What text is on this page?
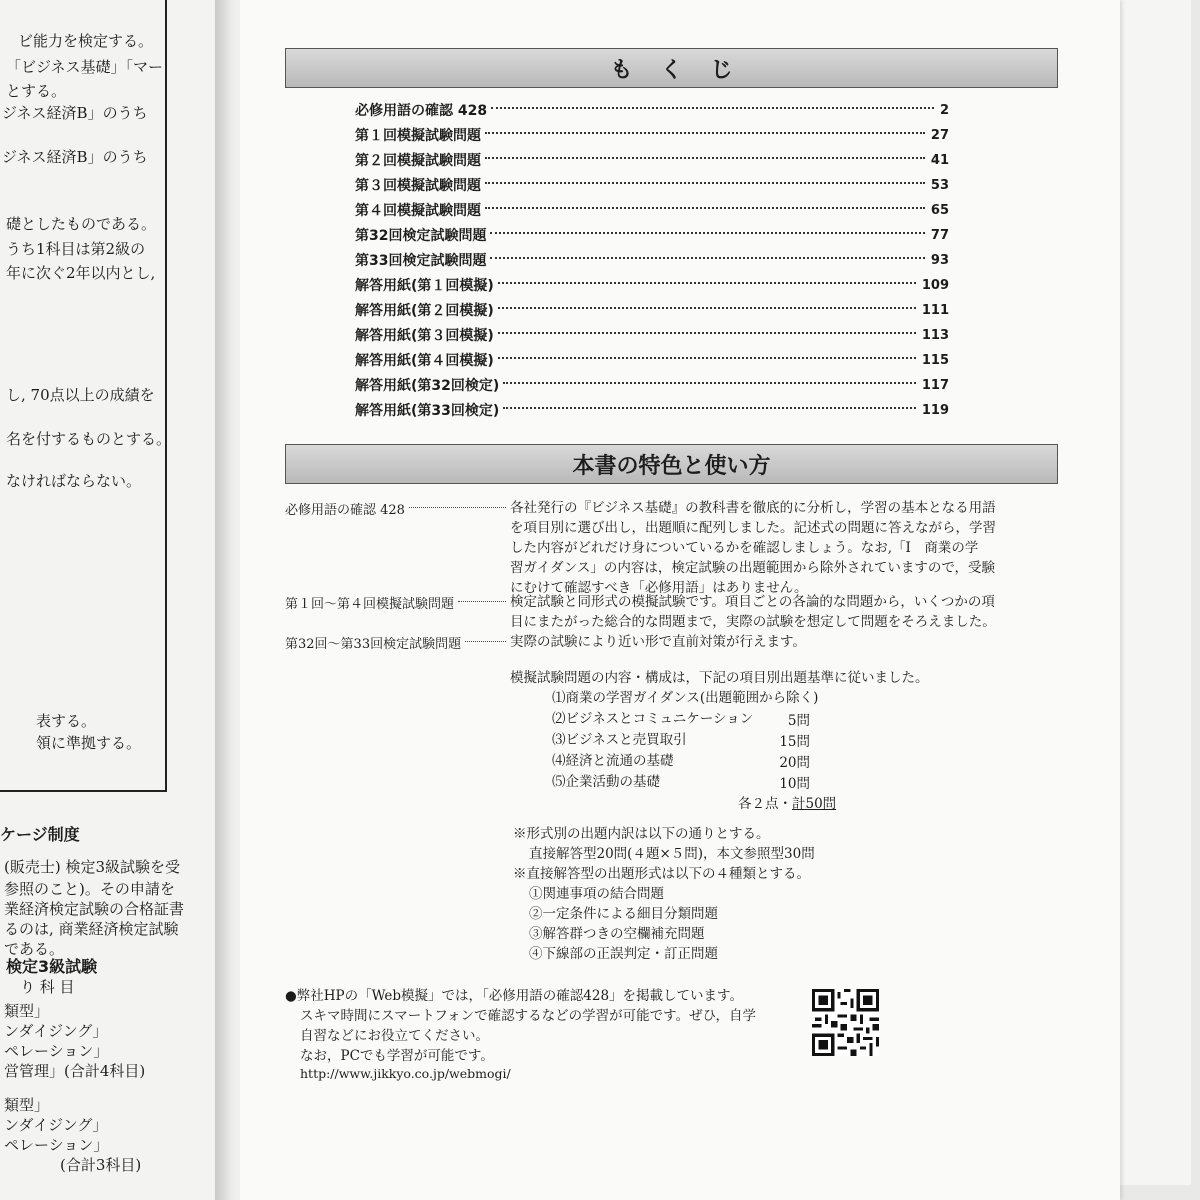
ビ能力を検定する。
「ビジネス基礎」「マー
とする。
ジネス経済B」のうち
ジネス経済B」のうち
礎としたものである。
うち1科目は第2級の
年に次ぐ2年以内とし,
し, 70点以上の成績を
名を付するものとする。
なければならない。
表する。
領に準拠する。
ケージ制度
(販売士) 検定3級試験を受
参照のこと)。その申請を
業経済検定試験の合格証書
るのは, 商業経済検定試験
である。
検定3級試験
り 科 目
類型」
ンダイジング」
ペレーション」
営管理」(合計4科目)
類型」
ンダイジング」
ペレーション」
(合計3科目)
もくじ
必修用語の確認 428	2
第１回模擬試験問題	27
第２回模擬試験問題	41
第３回模擬試験問題	53
第４回模擬試験問題	65
第32回検定試験問題	77
第33回検定試験問題	93
解答用紙(第１回模擬)	109
解答用紙(第２回模擬)	111
解答用紙(第３回模擬)	113
解答用紙(第４回模擬)	115
解答用紙(第32回検定)	117
解答用紙(第33回検定)	119
本書の特色と使い方
必修用語の確認 428	各社発行の『ビジネス基礎』の教科書を徹底的に分析し，学習の基本となる用語
を項目別に選び出し，出題順に配列しました。記述式の問題に答えながら，学習
した内容がどれだけ身についているかを確認しましょう。なお,「Ⅰ　商業の学
習ガイダンス」の内容は，検定試験の出題範囲から除外されていますので，受験
にむけて確認すべき「必修用語」はありません。
第１回～第４回模擬試験問題	検定試験と同形式の模擬試験です。項目ごとの各論的な問題から，いくつかの項
目にまたがった総合的な問題まで，実際の試験を想定して問題をそろえました。
第32回～第33回検定試験問題	実際の試験により近い形で直前対策が行えます。
模擬試験問題の内容・構成は，下記の項目別出題基準に従いました。
⑴商業の学習ガイダンス(出題範囲から除く)
⑵ビジネスとコミュニケーション	5問
⑶ビジネスと売買取引	15問
⑷経済と流通の基礎	20問
⑸企業活動の基礎	10問
各２点・計50問
※形式別の出題内訳は以下の通りとする。
直接解答型20問(４題×５問)，本文参照型30問
※直接解答型の出題形式は以下の４種類とする。
①関連事項の結合問題
②一定条件による細目分類問題
③解答群つきの空欄補充問題
④下線部の正誤判定・訂正問題
●弊社HPの「Web模擬」では，「必修用語の確認428」を掲載しています。
スキマ時間にスマートフォンで確認するなどの学習が可能です。ぜひ，自学
自習などにお役立てください。
なお，PCでも学習が可能です。
http://www.jikkyo.co.jp/webmogi/
